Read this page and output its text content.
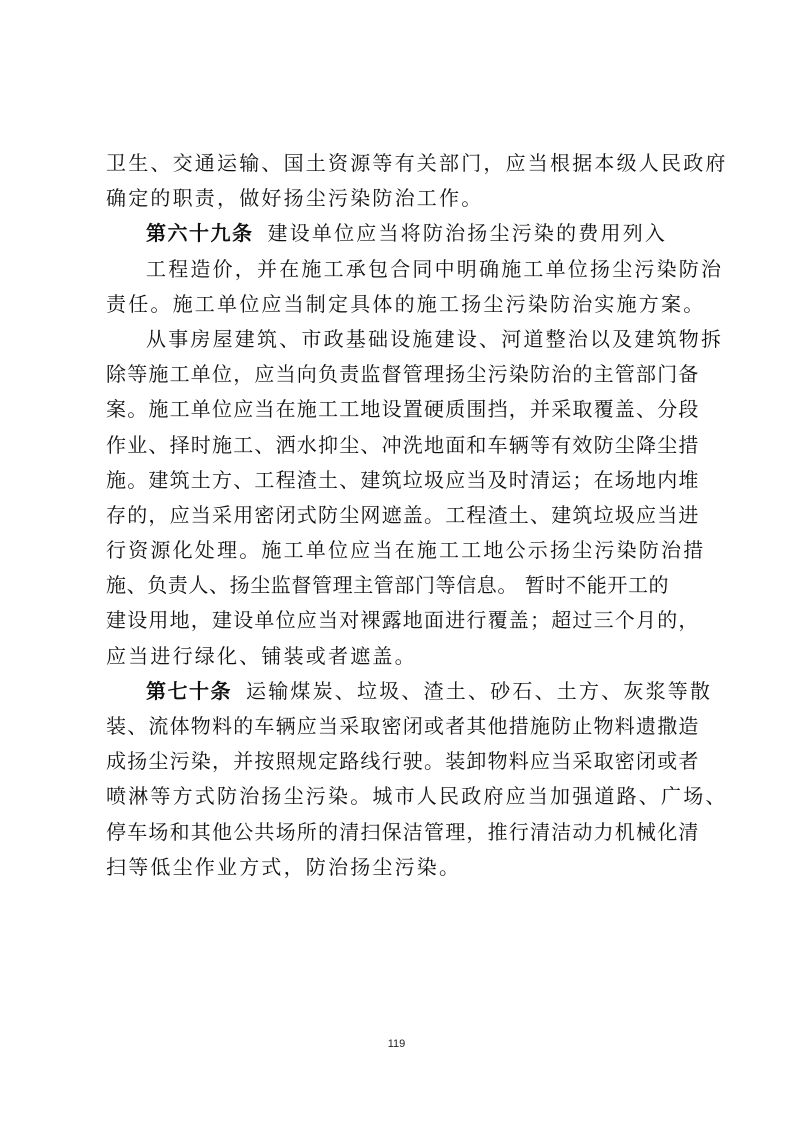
卫生、交通运输、国土资源等有关部门，应当根据本级人民政府
确定的职责，做好扬尘污染防治工作。
第六十九条 建设单位应当将防治扬尘污染的费用列入
工程造价，并在施工承包合同中明确施工单位扬尘污染防治
责任。施工单位应当制定具体的施工扬尘污染防治实施方案。
从事房屋建筑、市政基础设施建设、河道整治以及建筑物拆
除等施工单位，应当向负责监督管理扬尘污染防治的主管部门备
案。施工单位应当在施工工地设置硬质围挡，并采取覆盖、分段
作业、择时施工、洒水抑尘、冲洗地面和车辆等有效防尘降尘措
施。建筑土方、工程渣土、建筑垃圾应当及时清运；在场地内堆
存的，应当采用密闭式防尘网遮盖。工程渣土、建筑垃圾应当进
行资源化处理。施工单位应当在施工工地公示扬尘污染防治措
施、负责人、扬尘监督管理主管部门等信息。 暂时不能开工的
建设用地，建设单位应当对裸露地面进行覆盖；超过三个月的，
应当进行绿化、铺装或者遮盖。
第七十条 运输煤炭、垃圾、渣土、砂石、土方、灰浆等散
装、流体物料的车辆应当采取密闭或者其他措施防止物料遗撒造
成扬尘污染，并按照规定路线行驶。装卸物料应当采取密闭或者
喷淋等方式防治扬尘污染。城市人民政府应当加强道路、广场、
停车场和其他公共场所的清扫保洁管理，推行清洁动力机械化清
扫等低尘作业方式，防治扬尘污染。
119
